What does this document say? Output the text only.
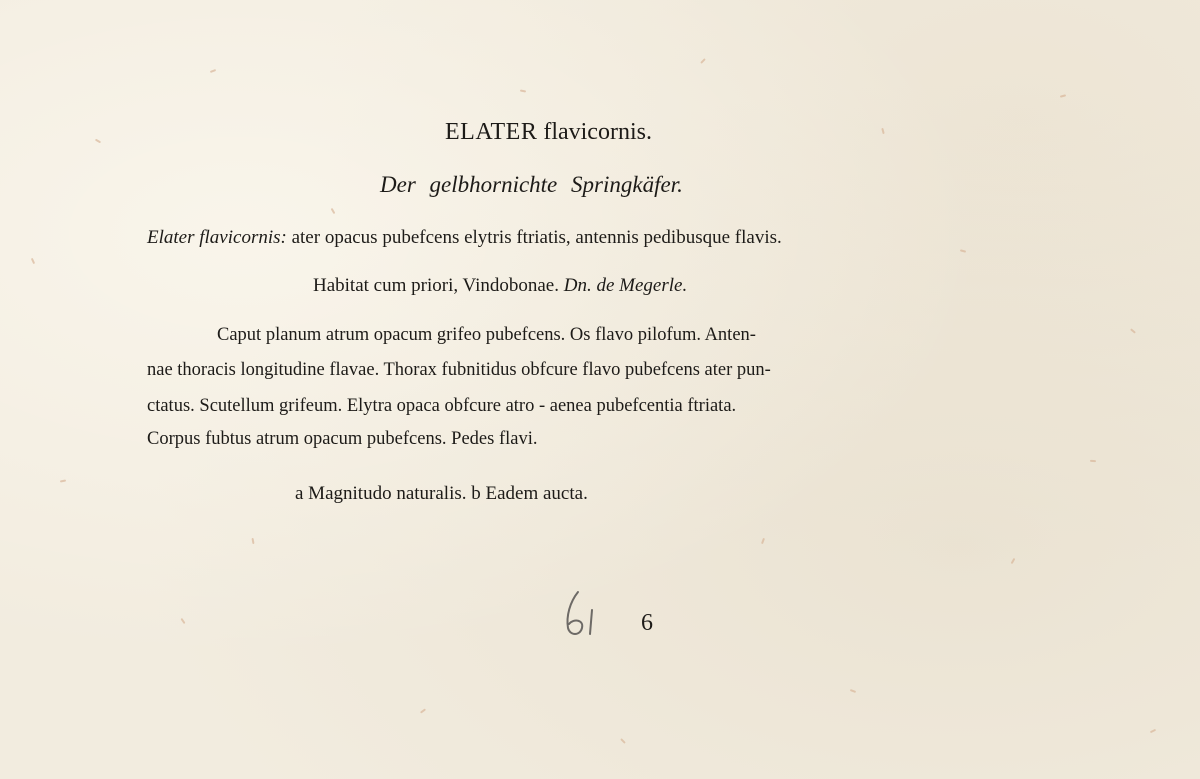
ELATER flavicornis.
Der gelbhornichte Springkäfer.
Elater flavicornis: ater opacus pubefcens elytris ftriatis, antennis pedibusque flavis.
Habitat cum priori, Vindobonae. Dn. de Megerle.
Caput planum atrum opacum grifeo pubefcens. Os flavo pilofum. Anten-
nae thoracis longitudine flavae. Thorax fubnitidus obfcure flavo pubefcens ater pun-
ctatus. Scutellum grifeum. Elytra opaca obfcure atro - aenea pubefcentia ftriata.
Corpus fubtus atrum opacum pubefcens. Pedes flavi.
a Magnitudo naturalis. b Eadem aucta.
6
